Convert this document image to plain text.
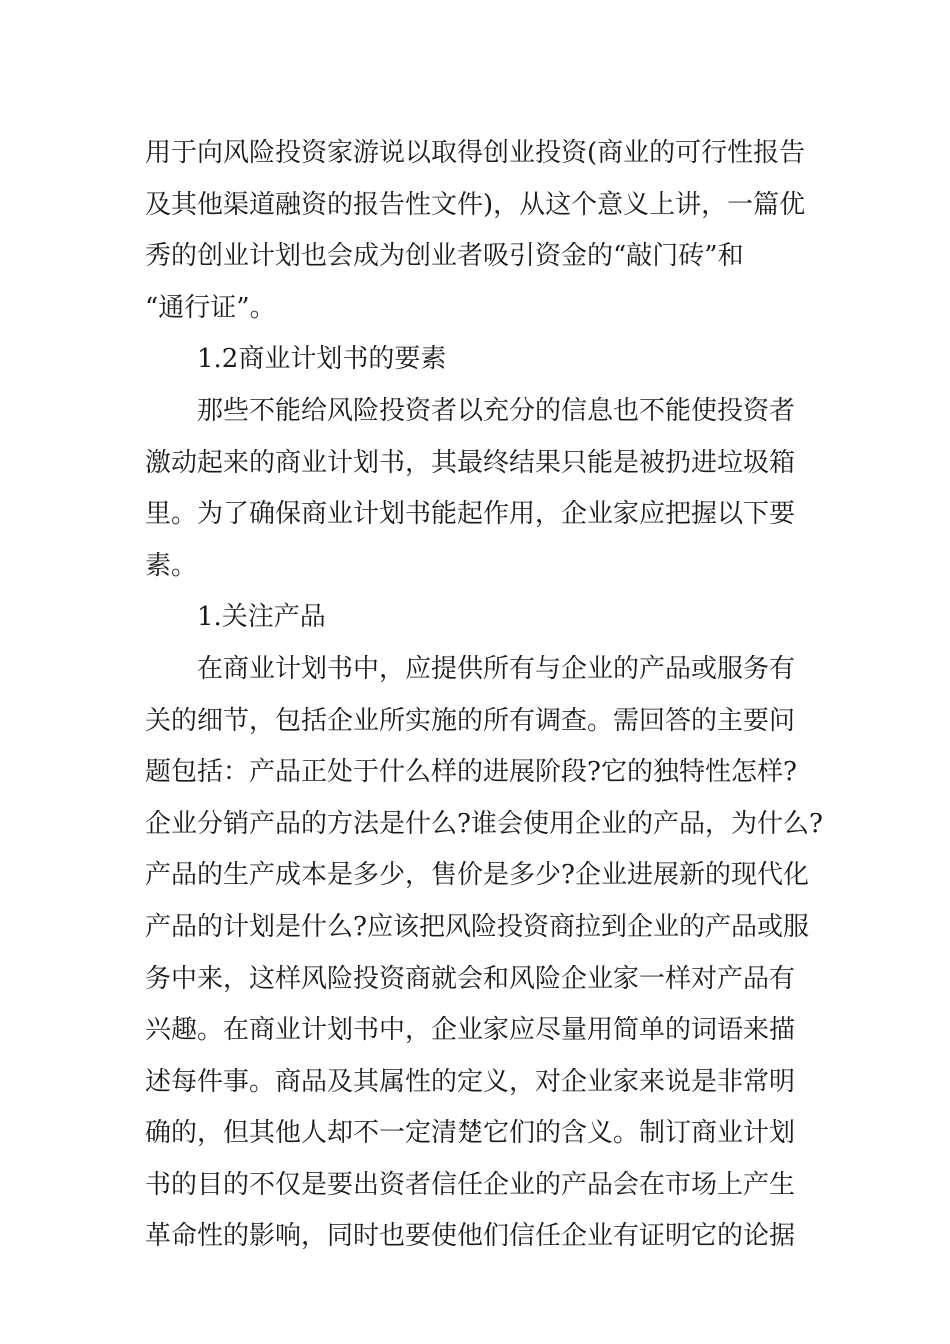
用于向风险投资家游说以取得创业投资(商业的可行性报告
及其他渠道融资的报告性文件)，从这个意义上讲，一篇优
秀的创业计划也会成为创业者吸引资金的“敲门砖”和
“通行证”。
1.2商业计划书的要素
那些不能给风险投资者以充分的信息也不能使投资者
激动起来的商业计划书，其最终结果只能是被扔进垃圾箱
里。为了确保商业计划书能起作用，企业家应把握以下要
素。
1.关注产品
在商业计划书中，应提供所有与企业的产品或服务有
关的细节，包括企业所实施的所有调查。需回答的主要问
题包括：产品正处于什么样的进展阶段?它的独特性怎样?
企业分销产品的方法是什么?谁会使用企业的产品，为什么?
产品的生产成本是多少，售价是多少?企业进展新的现代化
产品的计划是什么?应该把风险投资商拉到企业的产品或服
务中来，这样风险投资商就会和风险企业家一样对产品有
兴趣。在商业计划书中，企业家应尽量用简单的词语来描
述每件事。商品及其属性的定义，对企业家来说是非常明
确的，但其他人却不一定清楚它们的含义。制订商业计划
书的目的不仅是要出资者信任企业的产品会在市场上产生
革命性的影响，同时也要使他们信任企业有证明它的论据
